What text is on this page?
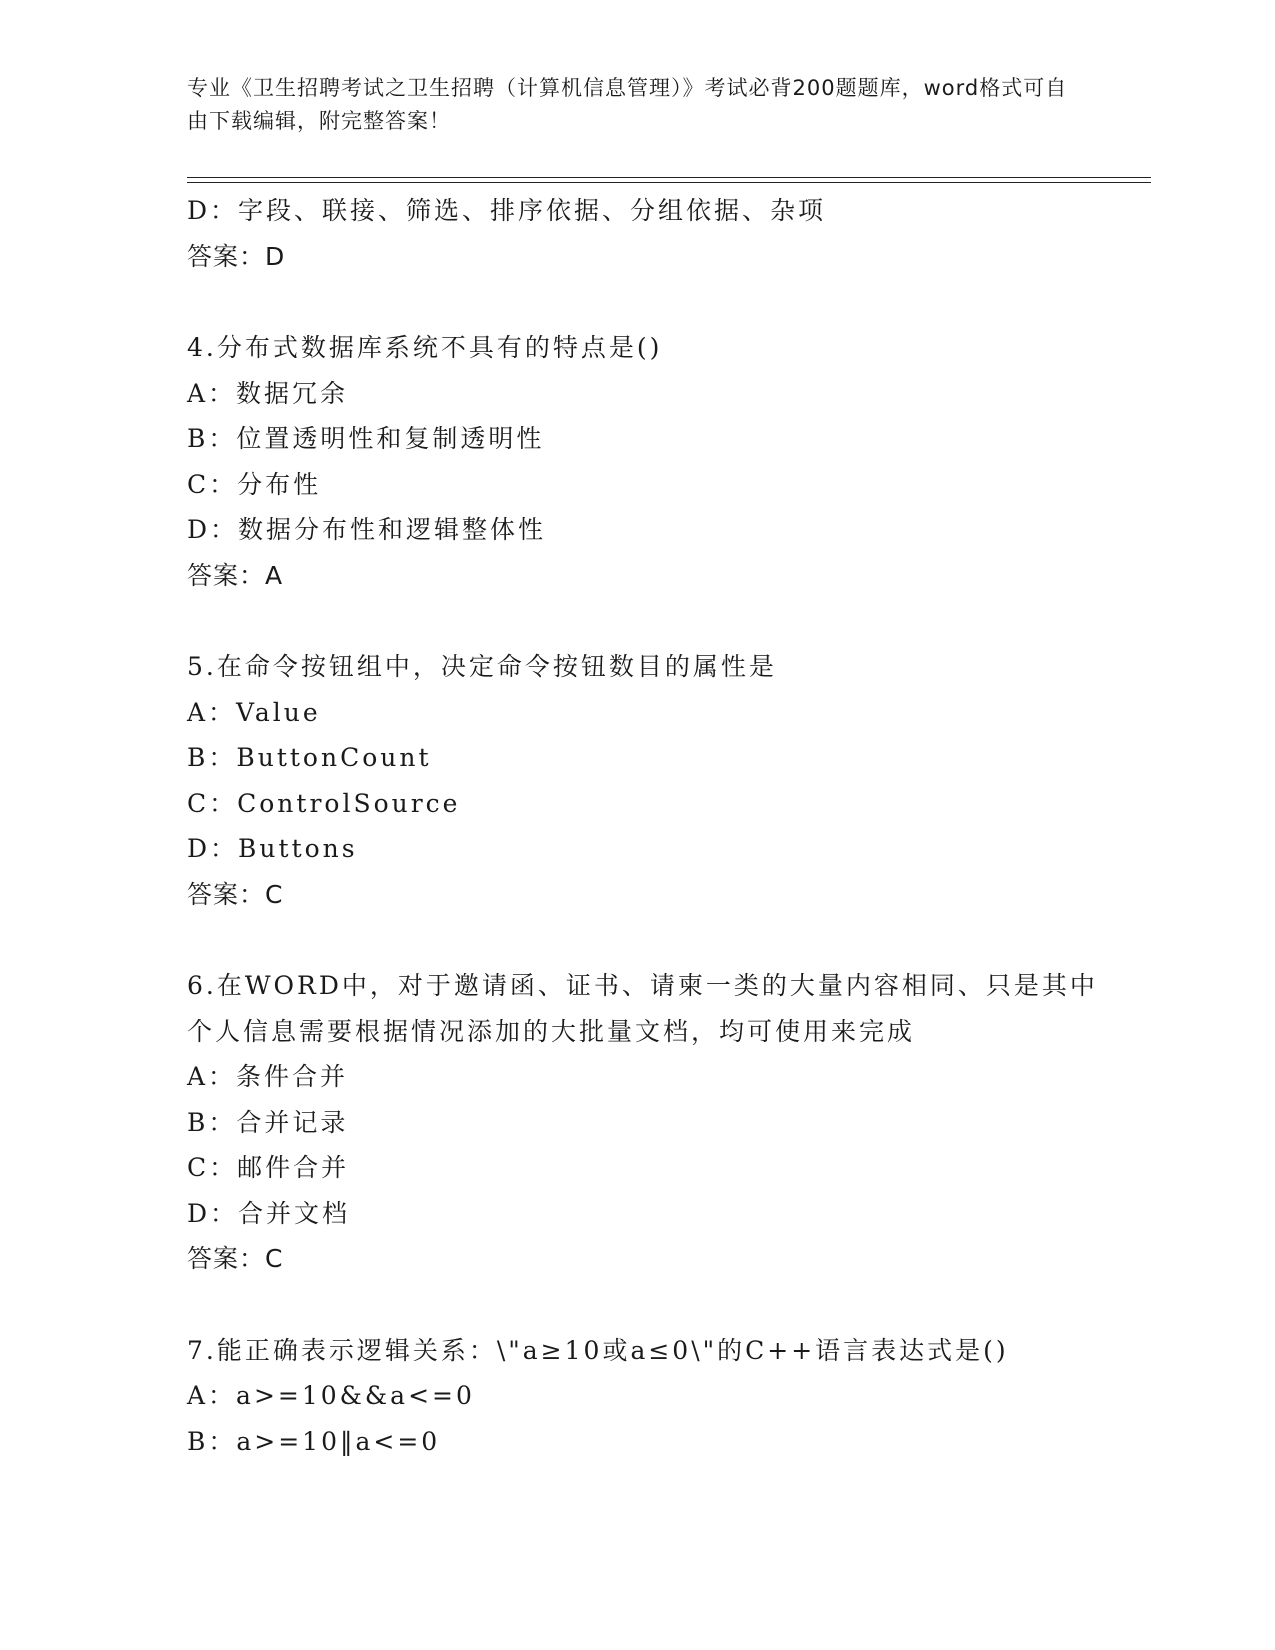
专业《卫生招聘考试之卫生招聘（计算机信息管理）》考试必背200题题库，word格式可自由下载编辑，附完整答案！
D：字段、联接、筛选、排序依据、分组依据、杂项
答案：D
4.分布式数据库系统不具有的特点是()
A：数据冗余
B：位置透明性和复制透明性
C：分布性
D：数据分布性和逻辑整体性
答案：A
5.在命令按钮组中，决定命令按钮数目的属性是
A：Value
B：ButtonCount
C：ControlSource
D：Buttons
答案：C
6.在WORD中，对于邀请函、证书、请柬一类的大量内容相同、只是其中个人信息需要根据情况添加的大批量文档，均可使用来完成
A：条件合并
B：合并记录
C：邮件合并
D：合并文档
答案：C
7.能正确表示逻辑关系：\"a≥10或a≤0\"的C++语言表达式是()
A：a>=10&&a<=0
B：a>=10‖a<=0
